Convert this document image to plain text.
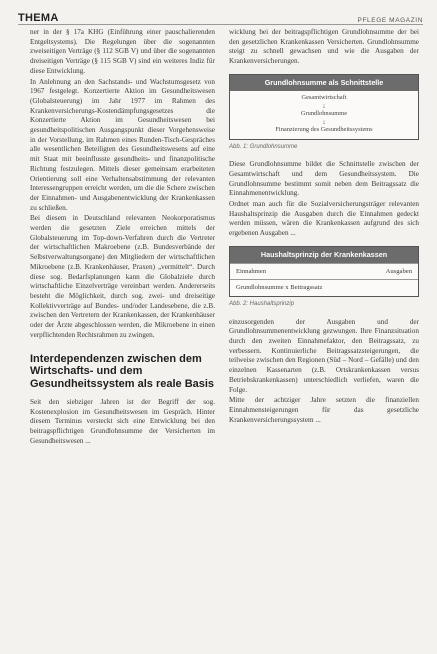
THEMA	PFLEGE MAGAZIN

ner in der § 17a KHG (Einführung einer pauschalierenden Entgeltsystems). Die Regelungen über die sogenannten zweiseitigen Verträge (§ 112 SGB V) und über die sogenannten dreiseitigen Verträge (§ 115 SGB V) sind ein weiteres Indiz für diese Entwicklung.

In Anlehnung an den Sachstands- und Wachstumsgesetz von 1967 festgelegt. Konzertierte Aktion im Gesundheitswesen (Globalsteuerung) im Jahr 1977 im Rahmen des Krankenversicherungs-Kostendämpfungsgesetzes die Konzertierte Aktion im Gesundheitswesen bei gesundheitspolitischen Ausgangspunkt dieser Vorgehensweise in der Vorstellung, im Rahmen eines Runden-Tisch-Gespräches alle wesentlichen Beteiligten des Gesundheitswesens auf eine mit Staat mit beeinflusste gesundheits- und finanzpolitische Richtung festzulegen. Mittels dieser gemeinsam erarbeiteten Orientierung soll eine Verhaltensabstimmung der relevanten Interessengruppen erreicht werden, um die die Schere zwischen der Einnahmen- und Ausgabenentwicklung der Krankenkassen zu schließen.

Bei diesem in Deutschland relevanten Neokorporatismus werden die gesetzten Ziele erreichen mittels der Globalsteuerung im Top-down-Verfahren durch die Vertreter der wirtschaftlichen Makroebene (z.B. Bundesverbände der Selbstverwaltungsorgane) den Mitgliedern der wirtschaftlichen Mikroebene (z.B. Krankenhäuser, Praxen) „vermittelt“. Durch diese sog. Bedarfsplanungen kann die Globalziele durch wirtschaftliche Einzelverträge vereinbart werden. Andererseits besteht die Möglichkeit, durch sog. zwei- und dreiseitige Kollektivverträge auf Bundes- und/oder Landesebene, die z.B. zwischen den Vertretern der Krankenkassen, der Krankenhäuser oder der Ärzte abgeschlossen werden, die Mikroebene in einen verpflichtenden Rechtsrahmen zu zwingen.

Interdependenzen zwischen dem Wirtschafts- und dem Gesundheitssystem als reale Basis

Seit den siebziger Jahren ist der Begriff der sog. Kostenexplosion im Gesundheitswesen im Gespräch. Hinter diesem Terminus versteckt sich eine Entwicklung bei den beitragspflichtigen Grundlohnsumme der Versicherten im Gesundheitswesen ...

wicklung bei der beitragspflichtigen Grundlohnsumme der bei den gesetzlichen Krankenkassen Versicherten. Grundlohnsumme steigt zu schnell gewachsen und wie die Ausgaben der Krankenversicherungen.

Grundlohnsumme als Schnittstelle
Gesamtwirtschaft
↓
Grundlohnsumme
↓
Finanzierung des Gesundheitssystems
Abb. 1: Grundlohnsumme

Diese Grundlohnsumme bildet die Schnittstelle zwischen der Gesamtwirtschaft und dem Gesundheitssystem. Die Grundlohnsumme bestimmt somit neben dem Beitragssatz die Einnahmenentwicklung.

Ordnet man auch für die Sozialversicherungsträger relevanten Haushaltsprinzip die Ausgaben durch die Einnahmen gedeckt werden müssen, wären die Krankenkassen aufgrund des sich ergebenen Ausgaben ...

Haushaltsprinzip der Krankenkassen
Einnahmen	Ausgaben
Grundlohnsumme x Beitragssatz
Abb. 2: Haushaltsprinzip

einzusorgenden der Ausgaben und der Grundlohnsummenentwicklung gezwungen. Ihre Finanzsituation durch den zweiten Einnahmefaktor, den Beitragssatz, zu verbessern. Kontinuierliche Beitragssatzsteigerungen, die teilweise zwischen den Regionen (Süd – Nord – Gefälle) und den einzelnen Kassenarten (z.B. Ortskrankenkassen versus Betriebskrankenkassen) unterschiedlich verliefen, waren die Folge.

Mitte der achtziger Jahre setzten die finanziellen Einnahmensteigerungen für das gesetzliche Krankenversicherungssystem ...
